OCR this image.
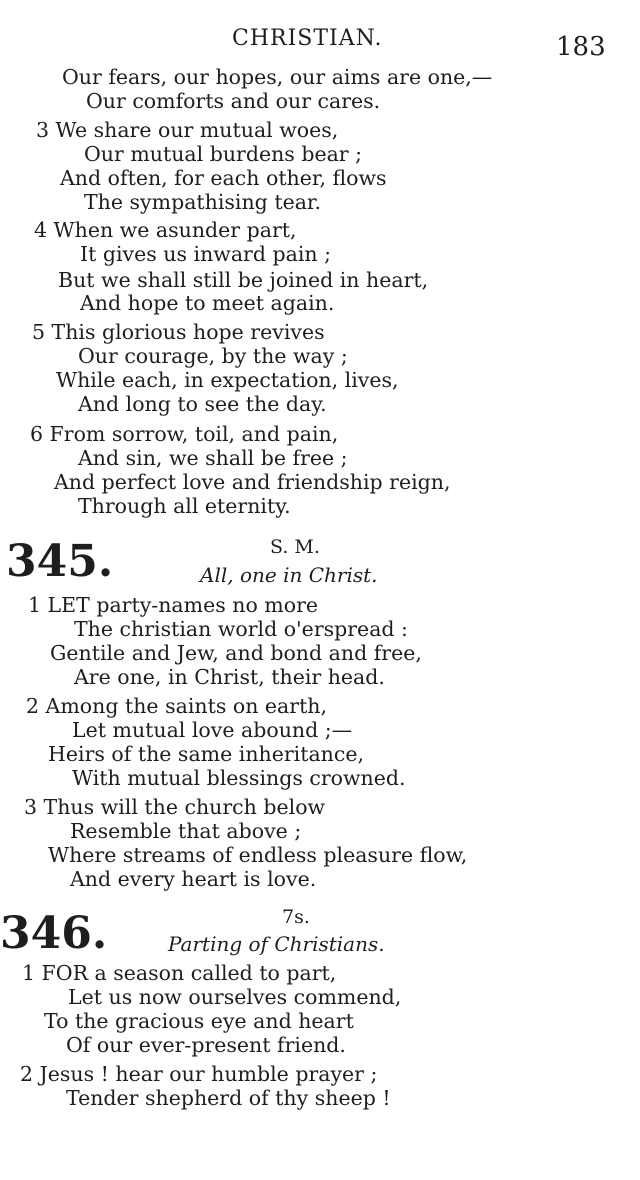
CHRISTIAN.	183
Our fears, our hopes, our aims are one,—
Our comforts and our cares.
3 We share our mutual woes,
Our mutual burdens bear ;
And often, for each other, flows
The sympathising tear.
4 When we asunder part,
It gives us inward pain ;
But we shall still be joined in heart,
And hope to meet again.
5 This glorious hope revives
Our courage, by the way ;
While each, in expectation, lives,
And long to see the day.
6 From sorrow, toil, and pain,
And sin, we shall be free ;
And perfect love and friendship reign,
Through all eternity.
345.	S. M.
All, one in Christ.
1 LET party-names no more
The christian world o'erspread :
Gentile and Jew, and bond and free,
Are one, in Christ, their head.
2 Among the saints on earth,
Let mutual love abound ;—
Heirs of the same inheritance,
With mutual blessings crowned.
3 Thus will the church below
Resemble that above ;
Where streams of endless pleasure flow,
And every heart is love.
346.	7s.
Parting of Christians.
1 FOR a season called to part,
Let us now ourselves commend,
To the gracious eye and heart
Of our ever-present friend.
2 Jesus ! hear our humble prayer ;
Tender shepherd of thy sheep !
